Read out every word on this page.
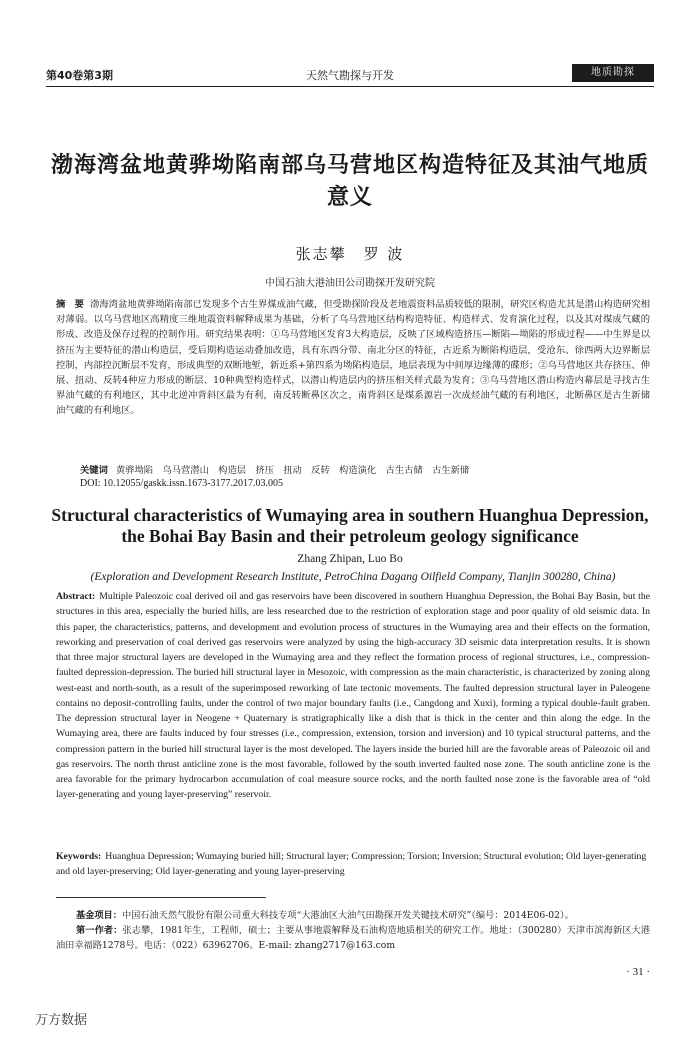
第40卷第3期	天然气勘探与开发	地质勘探
渤海湾盆地黄骅坳陷南部乌马营地区构造特征及其油气地质意义
张志攀　罗 波
中国石油大港油田公司勘探开发研究院
摘　要 渤海湾盆地黄骅坳陷南部已发现多个古生界煤成油气藏，但受勘探阶段及老地震资料品质较低的限制，研究区构造尤其是潜山构造研究相对薄弱。以乌马营地区高精度三维地震资料解释成果为基础，分析了乌马营地区结构构造特征、构造样式、发育演化过程，以及其对煤成气藏的形成、改造及保存过程的控制作用。研究结果表明：①乌马营地区发育3大构造层，反映了区域构造挤压—断陷—坳陷的形成过程——中生界是以挤压为主要特征的潜山构造层，受后期构造运动叠加改造，具有东西分带、南北分区的特征，古近系为断陷构造层，受沧东、徐西两大边界断层控制，内部控沉断层不发育，形成典型的双断地堑，新近系+第四系为坳陷构造层，地层表现为中间厚边缘薄的碟形；②乌马营地区共存挤压、伸展、扭动、反转4种应力形成的断层、10种典型构造样式，以潜山构造层内的挤压相关样式最为发育；③乌马营地区潜山构造内幕层是寻找古生界油气藏的有利地区，其中北逆冲背斜区最为有利，南反转断鼻区次之，南背斜区是煤系源岩一次成烃油气藏的有利地区，北断鼻区是古生新储油气藏的有利地区。
关键词 黄骅坳陷　乌马营潜山　构造层　挤压　扭动　反转　构造演化　古生古储　古生新储
DOI: 10.12055/gaskk.issn.1673-3177.2017.03.005
Structural characteristics of Wumaying area in southern Huanghua Depression, the Bohai Bay Basin and their petroleum geology significance
Zhang Zhipan, Luo Bo
(Exploration and Development Research Institute, PetroChina Dagang Oilfield Company, Tianjin 300280, China)
Abstract: Multiple Paleozoic coal derived oil and gas reservoirs have been discovered in southern Huanghua Depression, the Bohai Bay Basin, but the structures in this area, especially the buried hills, are less researched due to the restriction of exploration stage and poor quality of old seismic data. In this paper, the characteristics, patterns, and development and evolution process of structures in the Wumaying area and their effects on the formation, reworking and preservation of coal derived gas reservoirs were analyzed by using the high-accuracy 3D seismic data interpretation results. It is shown that three major structural layers are developed in the Wumaying area and they reflect the formation process of regional structures, i.e., compression-faulted depression-depression. The buried hill structural layer in Mesozoic, with compression as the main characteristic, is characterized by zoning along west-east and north-south, as a result of the superimposed reworking of late tectonic movements. The faulted depression structural layer in Paleogene contains no deposit-controlling faults, under the control of two major boundary faults (i.e., Cangdong and Xuxi), forming a typical double-fault graben. The depression structural layer in Neogene + Quaternary is stratigraphically like a dish that is thick in the center and thin along the edge. In the Wumaying area, there are faults induced by four stresses (i.e., compression, extension, torsion and inversion) and 10 typical structural patterns, and the compression pattern in the buried hill structural layer is the most developed. The layers inside the buried hill are the favorable areas of Paleozoic oil and gas reservoirs. The north thrust anticline zone is the most favorable, followed by the south inverted faulted nose zone. The south anticline zone is the area favorable for the primary hydrocarbon accumulation of coal measure source rocks, and the north faulted nose zone is the favorable area of “old layer-generating and young layer-preserving” reservoir.
Keywords: Huanghua Depression; Wumaying buried hill; Structural layer; Compression; Torsion; Inversion; Structural evolution; Old layer-generating and old layer-preserving; Old layer-generating and young layer-preserving

基金项目：中国石油天然气股份有限公司重大科技专项“大港油区大油气田勘探开发关键技术研究”（编号：2014E06-02）。

第一作者：张志攀，1981年生，工程师，硕士；主要从事地震解释及石油构造地质相关的研究工作。地址：（300280）天津市滨海新区大港油田幸福路1278号。电话：（022）63962706。E-mail: zhang2717@163.com

· 31 ·
万方数据
